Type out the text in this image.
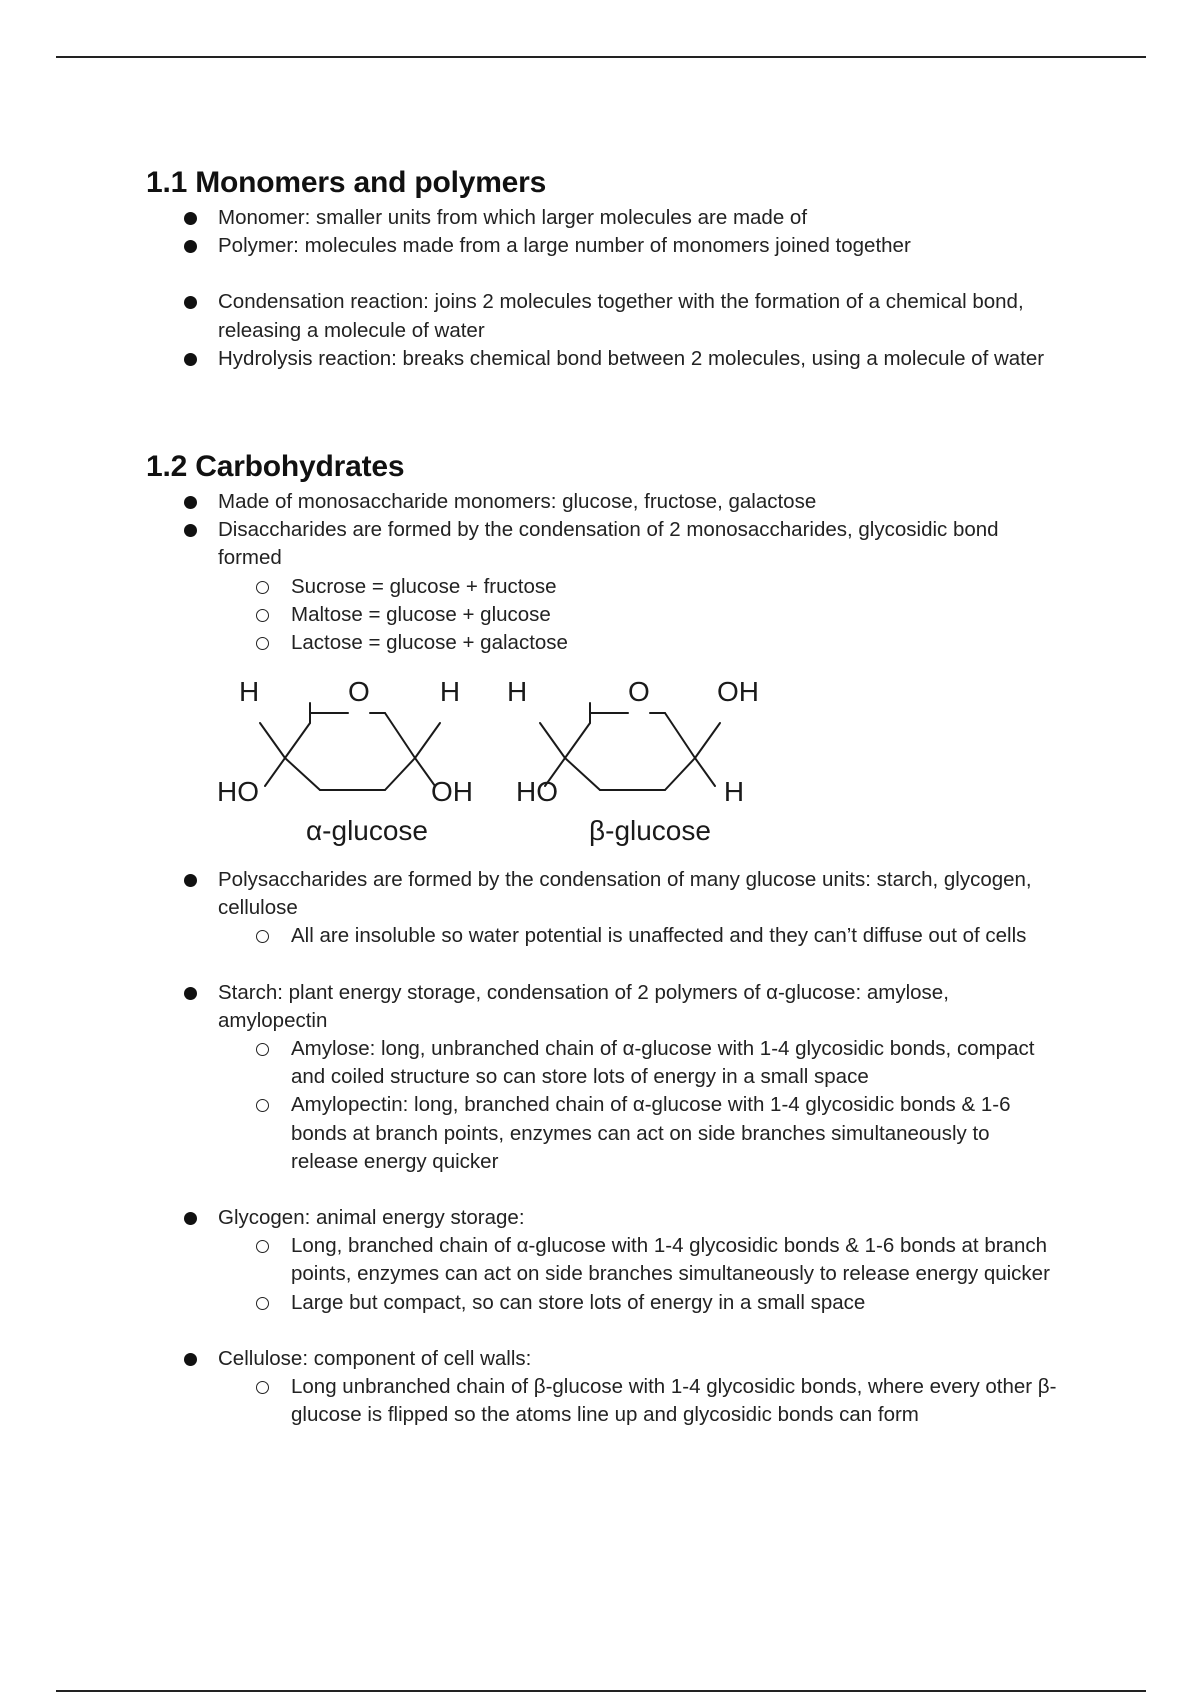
1.1 Monomers and polymers
Monomer: smaller units from which larger molecules are made of
Polymer: molecules made from a large number of monomers joined together
Condensation reaction: joins 2 molecules together with the formation of a chemical bond, releasing a molecule of water
Hydrolysis reaction: breaks chemical bond between 2 molecules, using a molecule of water
1.2 Carbohydrates
Made of monosaccharide monomers: glucose, fructose, galactose
Disaccharides are formed by the condensation of 2 monosaccharides, glycosidic bond formed
Sucrose = glucose + fructose
Maltose = glucose + glucose
Lactose = glucose + galactose
H	O	H
HO	OH
H	O OH
HO	H
α-glucose	β-glucose
Polysaccharides are formed by the condensation of many glucose units: starch, glycogen, cellulose
All are insoluble so water potential is unaffected and they can’t diffuse out of cells
Starch: plant energy storage, condensation of 2 polymers of α-glucose: amylose, amylopectin
Amylose: long, unbranched chain of α-glucose with 1-4 glycosidic bonds, compact and coiled structure so can store lots of energy in a small space
Amylopectin: long, branched chain of α-glucose with 1-4 glycosidic bonds & 1-6 bonds at branch points, enzymes can act on side branches simultaneously to release energy quicker
Glycogen: animal energy storage:
Long, branched chain of α-glucose with 1-4 glycosidic bonds & 1-6 bonds at branch points, enzymes can act on side branches simultaneously to release energy quicker
Large but compact, so can store lots of energy in a small space
Cellulose: component of cell walls:
Long unbranched chain of β-glucose with 1-4 glycosidic bonds, where every other β-glucose is flipped so the atoms line up and glycosidic bonds can form
